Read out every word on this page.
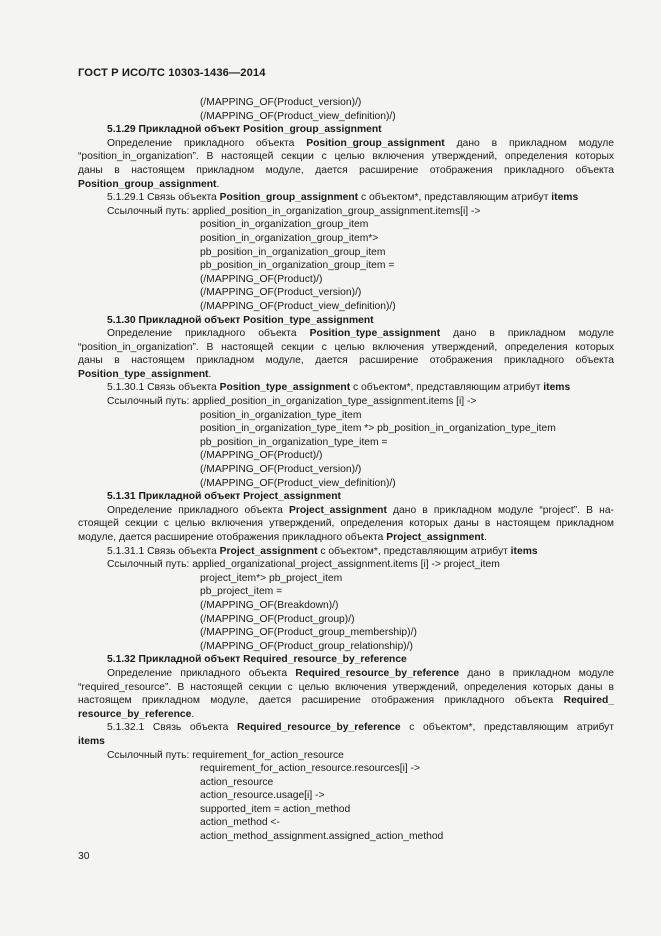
ГОСТ Р ИСО/ТС 10303-1436—2014
(/MAPPING_OF(Product_version)/)
(/MAPPING_OF(Product_view_definition)/)
5.1.29 Прикладной объект Position_group_assignment
Определение прикладного объекта Position_group_assignment дано в прикладном модуле
“position_in_organization”. В настоящей секции с целью включения утверждений, определения которых
даны в настоящем прикладном модуле, дается расширение отображения прикладного объекта
Position_group_assignment.
5.1.29.1 Связь объекта Position_group_assignment с объектом*, представляющим атрибут items
Ссылочный путь: applied_position_in_organization_group_assignment.items[i] ->
position_in_organization_group_item
position_in_organization_group_item*>
pb_position_in_organization_group_item
pb_position_in_organization_group_item =
(/MAPPING_OF(Product)/)
(/MAPPING_OF(Product_version)/)
(/MAPPING_OF(Product_view_definition)/)
5.1.30 Прикладной объект Position_type_assignment
Определение прикладного объекта Position_type_assignment дано в прикладном модуле
“position_in_organization”. В настоящей секции с целью включения утверждений, определения которых
даны в настоящем прикладном модуле, дается расширение отображения прикладного объекта
Position_type_assignment.
5.1.30.1 Связь объекта Position_type_assignment с объектом*, представляющим атрибут items
Ссылочный путь: applied_position_in_organization_type_assignment.items [i] ->
position_in_organization_type_item
position_in_organization_type_item *> pb_position_in_organization_type_item
pb_position_in_organization_type_item =
(/MAPPING_OF(Product)/)
(/MAPPING_OF(Product_version)/)
(/MAPPING_OF(Product_view_definition)/)
5.1.31 Прикладной объект Project_assignment
Определение прикладного объекта Project_assignment дано в прикладном модуле “project”. В на-
стоящей секции с целью включения утверждений, определения которых даны в настоящем прикладном
модуле, дается расширение отображения прикладного объекта Project_assignment.
5.1.31.1 Связь объекта Project_assignment с объектом*, представляющим атрибут items
Ссылочный путь: applied_organizational_project_assignment.items [i] -> project_item
project_item*> pb_project_item
pb_project_item =
(/MAPPING_OF(Breakdown)/)
(/MAPPING_OF(Product_group)/)
(/MAPPING_OF(Product_group_membership)/)
(/MAPPING_OF(Product_group_relationship)/)
5.1.32 Прикладной объект Required_resource_by_reference
Определение прикладного объекта Required_resource_by_reference дано в прикладном модуле
“required_resource”. В настоящей секции с целью включения утверждений, определения которых даны в
настоящем прикладном модуле, дается расширение отображения прикладного объекта Required_
resource_by_reference.
5.1.32.1 Связь объекта Required_resource_by_reference с объектом*, представляющим атрибут
items
Ссылочный путь: requirement_for_action_resource
requirement_for_action_resource.resources[i] ->
action_resource
action_resource.usage[i] ->
supported_item = action_method
action_method <-
action_method_assignment.assigned_action_method
30
